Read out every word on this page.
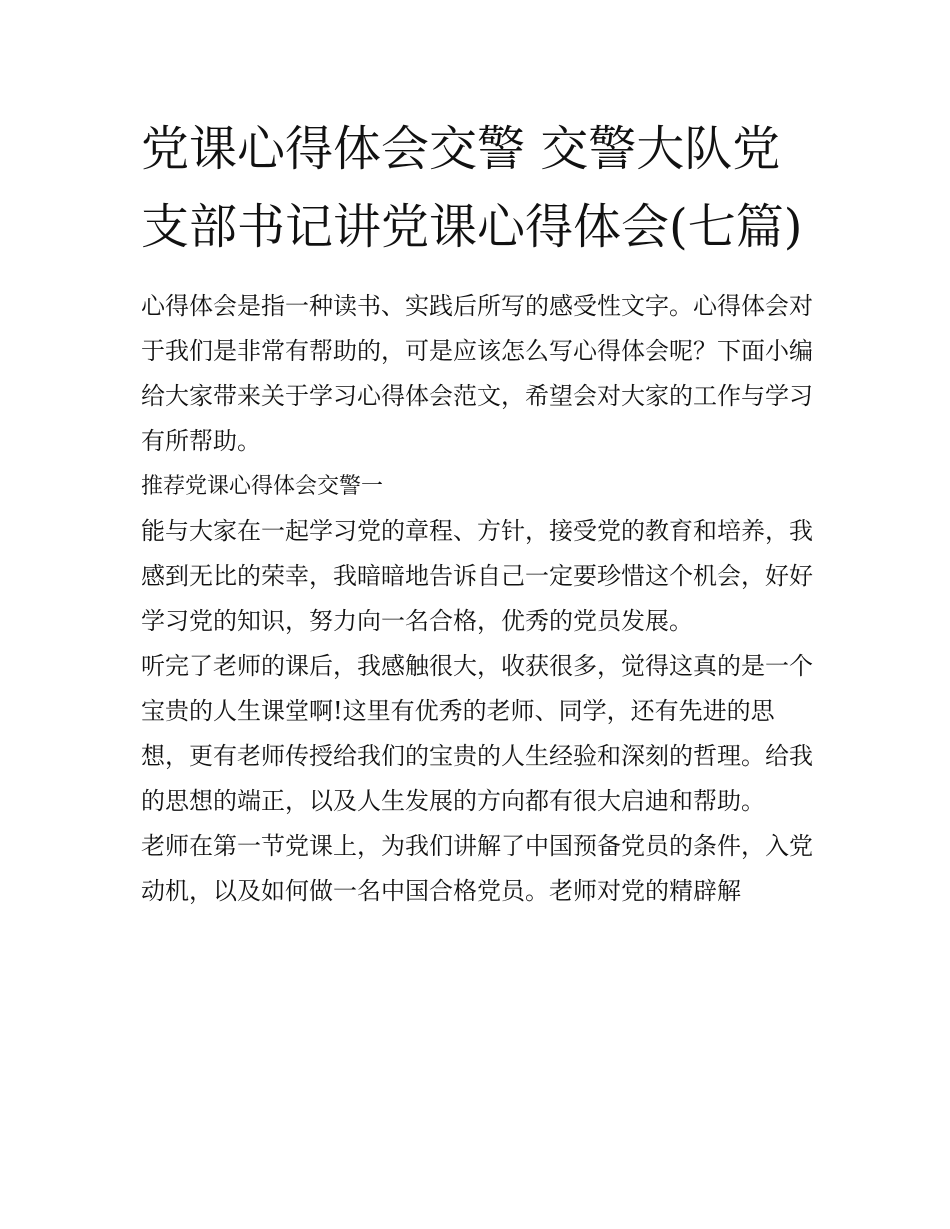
党课心得体会交警 交警大队党支部书记讲党课心得体会(七篇)

心得体会是指一种读书、实践后所写的感受性文字。心得体会对于我们是非常有帮助的，可是应该怎么写心得体会呢？下面小编给大家带来关于学习心得体会范文，希望会对大家的工作与学习有所帮助。

推荐党课心得体会交警一

能与大家在一起学习党的章程、方针，接受党的教育和培养，我感到无比的荣幸，我暗暗地告诉自己一定要珍惜这个机会，好好学习党的知识，努力向一名合格，优秀的党员发展。

听完了老师的课后，我感触很大，收获很多，觉得这真的是一个宝贵的人生课堂啊!这里有优秀的老师、同学，还有先进的思想，更有老师传授给我们的宝贵的人生经验和深刻的哲理。给我的思想的端正，以及人生发展的方向都有很大启迪和帮助。

老师在第一节党课上，为我们讲解了中国预备党员的条件，入党动机，以及如何做一名中国合格党员。老师对党的精辟解
